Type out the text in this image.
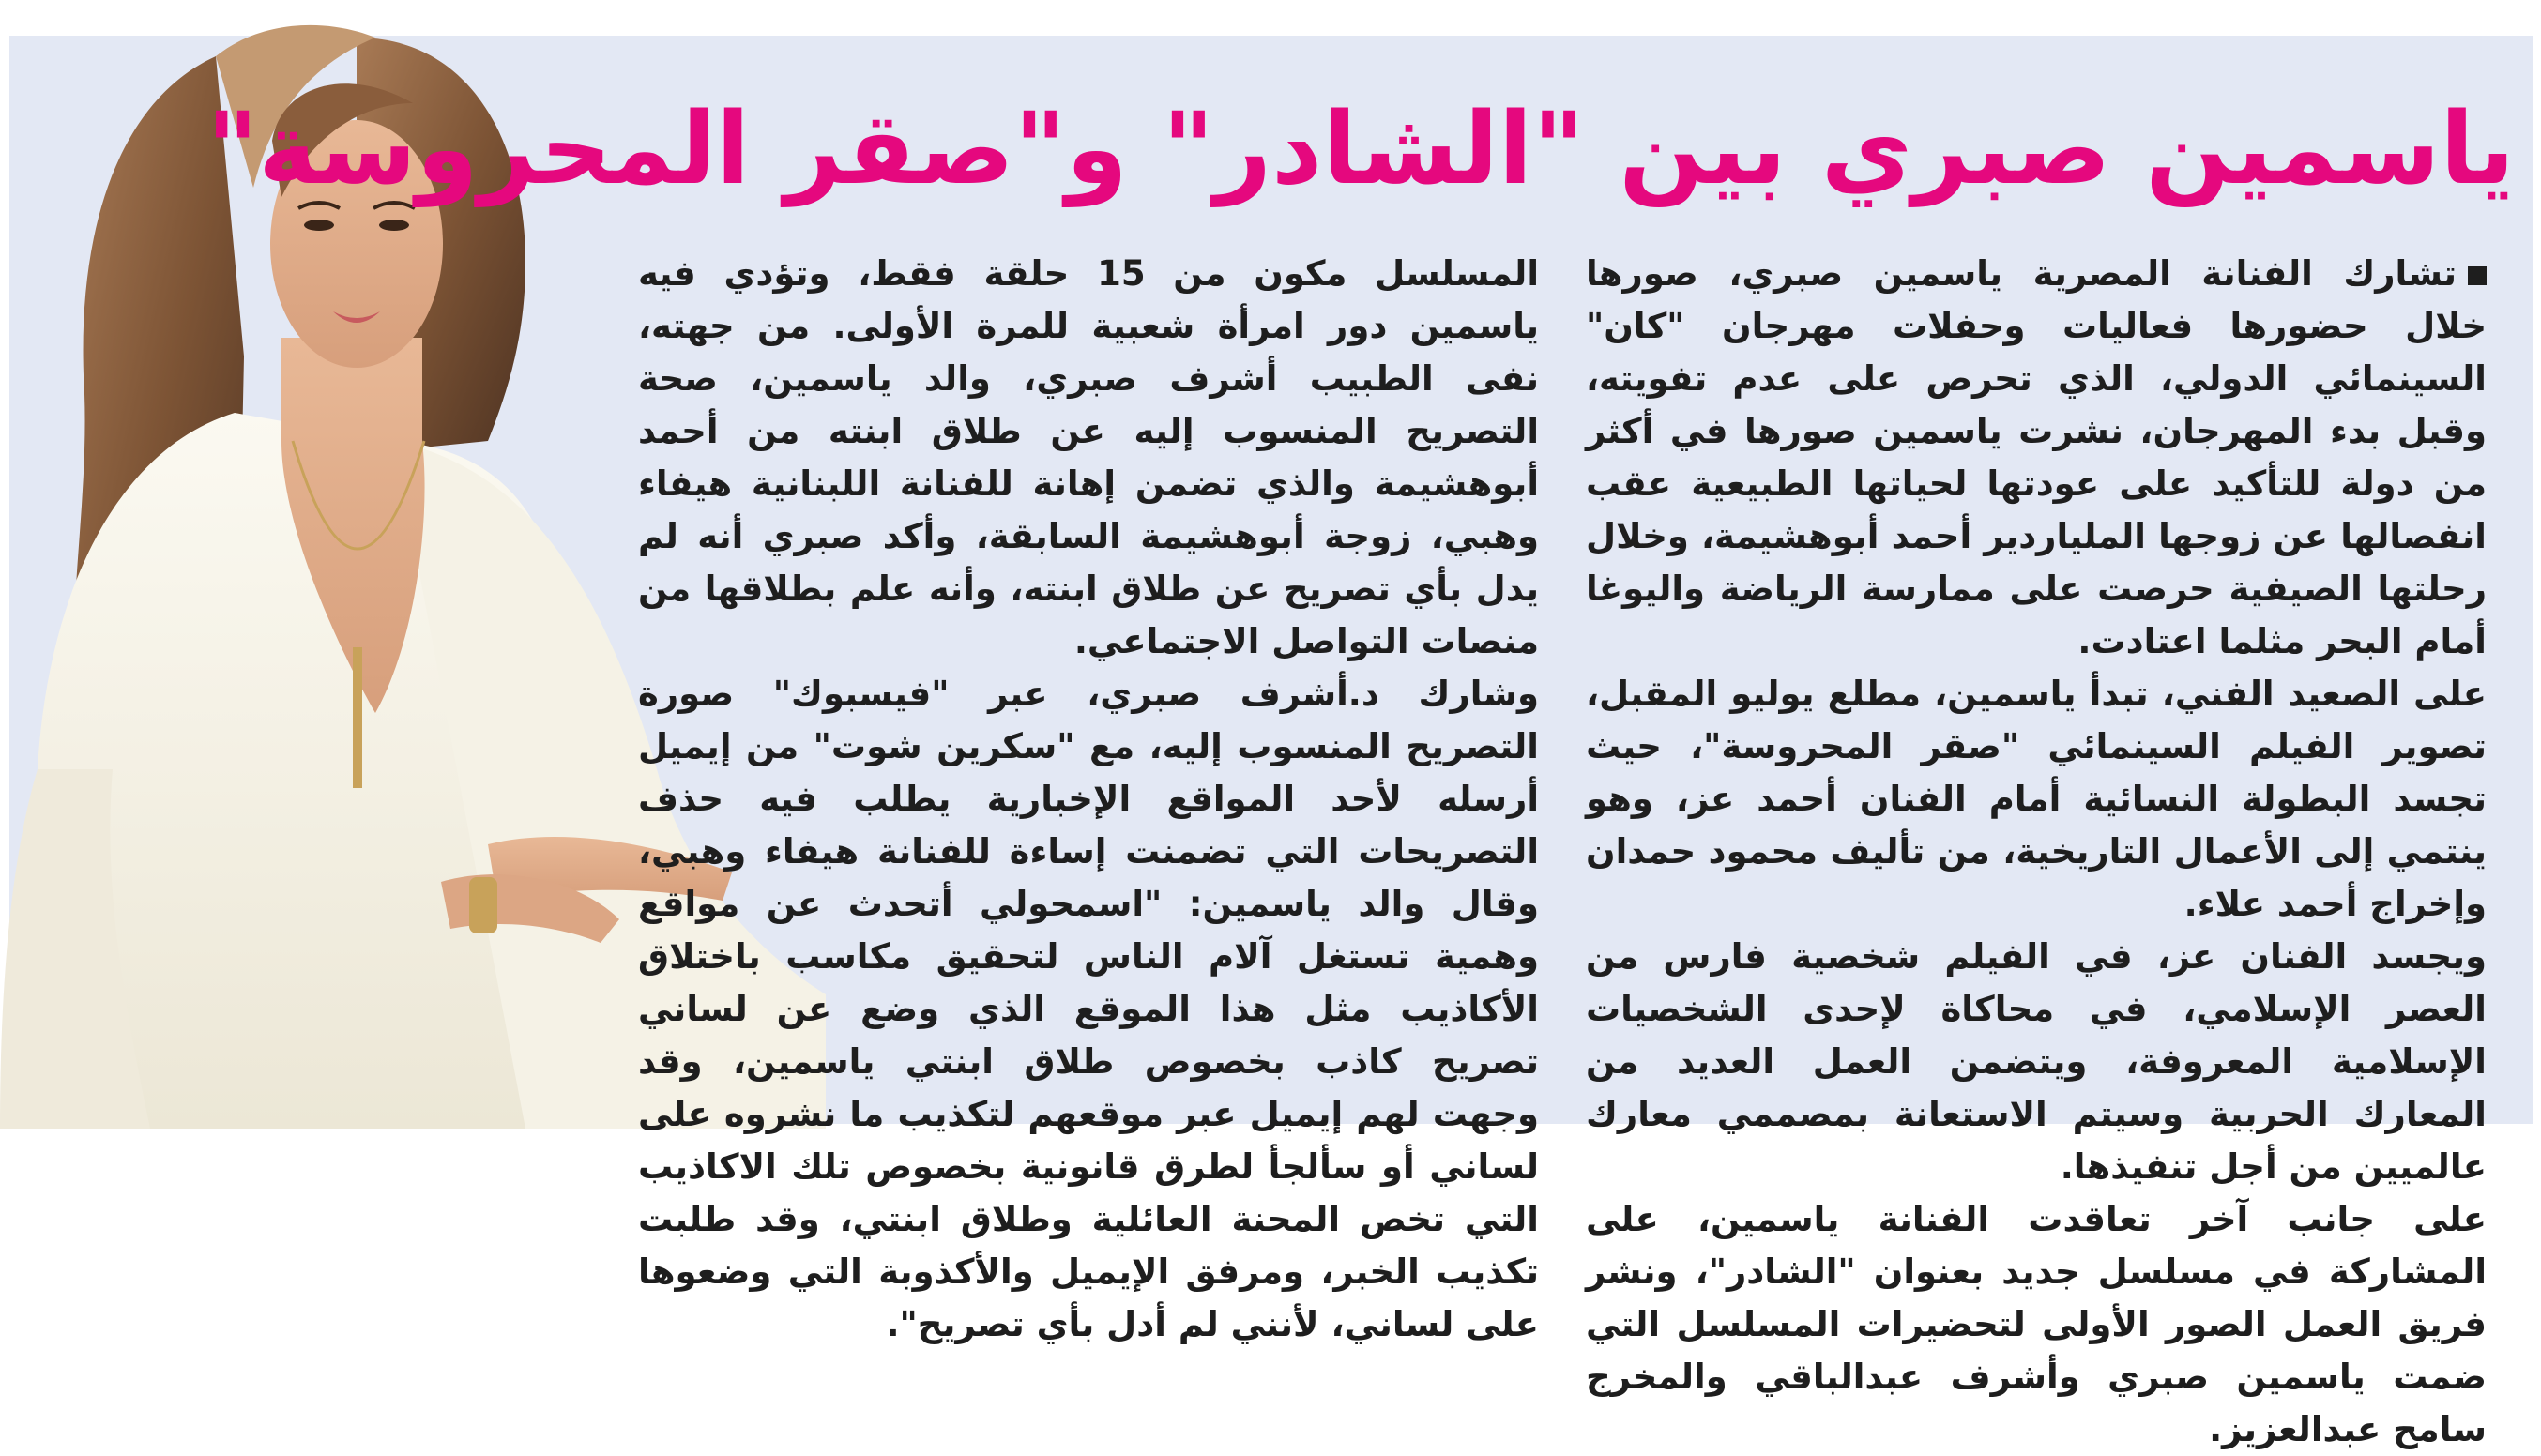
ياسمين صبري بين "الشادر" و"صقر المحروسة"

تشارك الفنانة المصرية ياسمين صبري، صورها خلال حضورها فعاليات وحفلات مهرجان "كان" السينمائي الدولي، الذي تحرص على عدم تفويته، وقبل بدء المهرجان، نشرت ياسمين صورها في أكثر من دولة للتأكيد على عودتها لحياتها الطبيعية عقب انفصالها عن زوجها الملياردير أحمد أبوهشيمة، وخلال رحلتها الصيفية حرصت على ممارسة الرياضة واليوغا أمام البحر مثلما اعتادت.

على الصعيد الفني، تبدأ ياسمين، مطلع يوليو المقبل، تصوير الفيلم السينمائي "صقر المحروسة"، حيث تجسد البطولة النسائية أمام الفنان أحمد عز، وهو ينتمي إلى الأعمال التاريخية، من تأليف محمود حمدان وإخراج أحمد علاء.

ويجسد الفنان عز، في الفيلم شخصية فارس من العصر الإسلامي، في محاكاة لإحدى الشخصيات الإسلامية المعروفة، ويتضمن العمل العديد من المعارك الحربية وسيتم الاستعانة بمصممي معارك عالميين من أجل تنفيذها.

على جانب آخر تعاقدت الفنانة ياسمين، على المشاركة في مسلسل جديد بعنوان "الشادر"، ونشر فريق العمل الصور الأولى لتحضيرات المسلسل التي ضمت ياسمين صبري وأشرف عبدالباقي والمخرج سامح عبدالعزيز.

المسلسل مكون من 15 حلقة فقط، وتؤدي فيه ياسمين دور امرأة شعبية للمرة الأولى. من جهته، نفى الطبيب أشرف صبري، والد ياسمين، صحة التصريح المنسوب إليه عن طلاق ابنته من أحمد أبوهشيمة والذي تضمن إهانة للفنانة اللبنانية هيفاء وهبي، زوجة أبوهشيمة السابقة، وأكد صبري أنه لم يدل بأي تصريح عن طلاق ابنته، وأنه علم بطلاقها من منصات التواصل الاجتماعي.

وشارك د.أشرف صبري، عبر "فيسبوك" صورة التصريح المنسوب إليه، مع "سكرين شوت" من إيميل أرسله لأحد المواقع الإخبارية يطلب فيه حذف التصريحات التي تضمنت إساءة للفنانة هيفاء وهبي، وقال والد ياسمين: "اسمحولي أتحدث عن مواقع وهمية تستغل آلام الناس لتحقيق مكاسب باختلاق الأكاذيب مثل هذا الموقع الذي وضع عن لساني تصريح كاذب بخصوص طلاق ابنتي ياسمين، وقد وجهت لهم إيميل عبر موقعهم لتكذيب ما نشروه على لساني أو سألجأ لطرق قانونية بخصوص تلك الاكاذيب التي تخص المحنة العائلية وطلاق ابنتي، وقد طلبت تكذيب الخبر، ومرفق الإيميل والأكذوبة التي وضعوها على لساني، لأنني لم أدل بأي تصريح".
